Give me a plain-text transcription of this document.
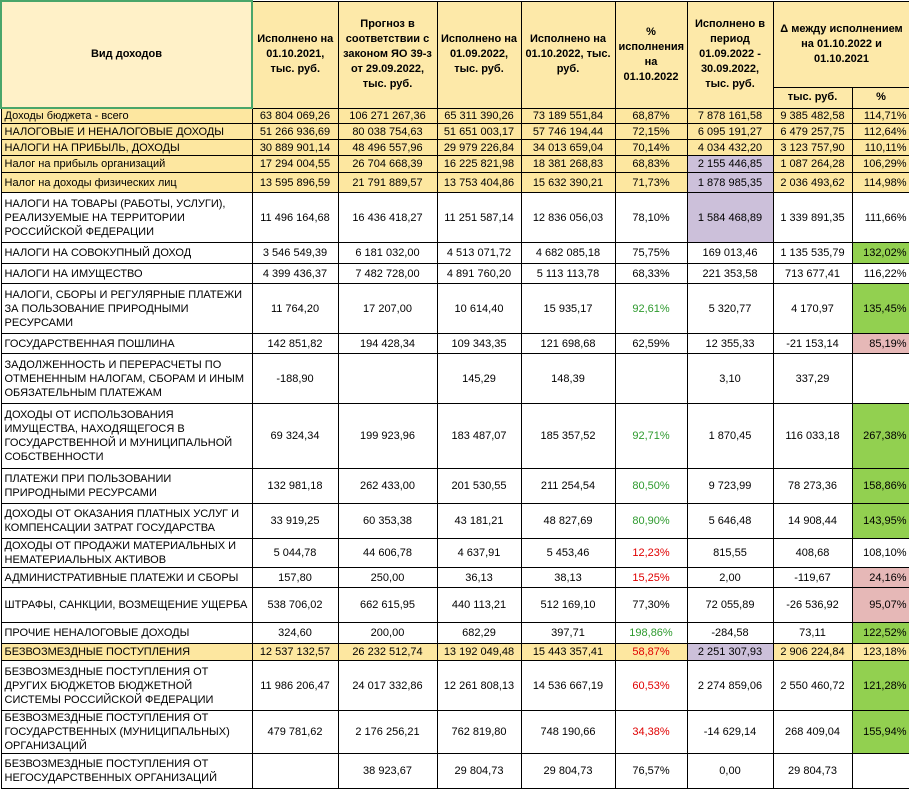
Вид доходов	Исполнено на 01.10.2021, тыс. руб.	Прогноз в соответствии с законом ЯО 39-з от 29.09.2022, тыс. руб.	Исполнено на 01.09.2022, тыс. руб.	Исполнено на 01.10.2022, тыс. руб.	% исполнения на 01.10.2022	Исполнено в период 01.09.2022 - 30.09.2022, тыс. руб.	Δ между исполнением на 01.10.2022 и 01.10.2021	
							тыс. руб.	%
Доходы бюджета - всего	63 804 069,26	106 271 267,36	65 311 390,26	73 189 551,84	68,87%	7 878 161,58	9 385 482,58	114,71%
НАЛОГОВЫЕ И НЕНАЛОГОВЫЕ ДОХОДЫ	51 266 936,69	80 038 754,63	51 651 003,17	57 746 194,44	72,15%	6 095 191,27	6 479 257,75	112,64%
НАЛОГИ НА ПРИБЫЛЬ, ДОХОДЫ	30 889 901,14	48 496 557,96	29 979 226,84	34 013 659,04	70,14%	4 034 432,20	3 123 757,90	110,11%
Налог на прибыль организаций	17 294 004,55	26 704 668,39	16 225 821,98	18 381 268,83	68,83%	2 155 446,85	1 087 264,28	106,29%
Налог на доходы физических лиц	13 595 896,59	21 791 889,57	13 753 404,86	15 632 390,21	71,73%	1 878 985,35	2 036 493,62	114,98%
НАЛОГИ НА ТОВАРЫ (РАБОТЫ, УСЛУГИ), РЕАЛИЗУЕМЫЕ НА ТЕРРИТОРИИ РОССИЙСКОЙ ФЕДЕРАЦИИ	11 496 164,68	16 436 418,27	11 251 587,14	12 836 056,03	78,10%	1 584 468,89	1 339 891,35	111,66%
НАЛОГИ НА СОВОКУПНЫЙ ДОХОД	3 546 549,39	6 181 032,00	4 513 071,72	4 682 085,18	75,75%	169 013,46	1 135 535,79	132,02%
НАЛОГИ НА ИМУЩЕСТВО	4 399 436,37	7 482 728,00	4 891 760,20	5 113 113,78	68,33%	221 353,58	713 677,41	116,22%
НАЛОГИ, СБОРЫ И РЕГУЛЯРНЫЕ ПЛАТЕЖИ ЗА ПОЛЬЗОВАНИЕ ПРИРОДНЫМИ РЕСУРСАМИ	11 764,20	17 207,00	10 614,40	15 935,17	92,61%	5 320,77	4 170,97	135,45%
ГОСУДАРСТВЕННАЯ ПОШЛИНА	142 851,82	194 428,34	109 343,35	121 698,68	62,59%	12 355,33	-21 153,14	85,19%
ЗАДОЛЖЕННОСТЬ И ПЕРЕРАСЧЕТЫ ПО ОТМЕНЕННЫМ НАЛОГАМ, СБОРАМ И ИНЫМ ОБЯЗАТЕЛЬНЫМ ПЛАТЕЖАМ	-188,90		145,29	148,39		3,10	337,29	
ДОХОДЫ ОТ ИСПОЛЬЗОВАНИЯ ИМУЩЕСТВА, НАХОДЯЩЕГОСЯ В ГОСУДАРСТВЕННОЙ И МУНИЦИПАЛЬНОЙ СОБСТВЕННОСТИ	69 324,34	199 923,96	183 487,07	185 357,52	92,71%	1 870,45	116 033,18	267,38%
ПЛАТЕЖИ ПРИ ПОЛЬЗОВАНИИ ПРИРОДНЫМИ РЕСУРСАМИ	132 981,18	262 433,00	201 530,55	211 254,54	80,50%	9 723,99	78 273,36	158,86%
ДОХОДЫ ОТ ОКАЗАНИЯ ПЛАТНЫХ УСЛУГ И КОМПЕНСАЦИИ ЗАТРАТ ГОСУДАРСТВА	33 919,25	60 353,38	43 181,21	48 827,69	80,90%	5 646,48	14 908,44	143,95%
ДОХОДЫ ОТ ПРОДАЖИ МАТЕРИАЛЬНЫХ И НЕМАТЕРИАЛЬНЫХ АКТИВОВ	5 044,78	44 606,78	4 637,91	5 453,46	12,23%	815,55	408,68	108,10%
АДМИНИСТРАТИВНЫЕ ПЛАТЕЖИ И СБОРЫ	157,80	250,00	36,13	38,13	15,25%	2,00	-119,67	24,16%
ШТРАФЫ, САНКЦИИ, ВОЗМЕЩЕНИЕ УЩЕРБА	538 706,02	662 615,95	440 113,21	512 169,10	77,30%	72 055,89	-26 536,92	95,07%
ПРОЧИЕ НЕНАЛОГОВЫЕ ДОХОДЫ	324,60	200,00	682,29	397,71	198,86%	-284,58	73,11	122,52%
БЕЗВОЗМЕЗДНЫЕ ПОСТУПЛЕНИЯ	12 537 132,57	26 232 512,74	13 192 049,48	15 443 357,41	58,87%	2 251 307,93	2 906 224,84	123,18%
БЕЗВОЗМЕЗДНЫЕ ПОСТУПЛЕНИЯ ОТ ДРУГИХ БЮДЖЕТОВ БЮДЖЕТНОЙ СИСТЕМЫ РОССИЙСКОЙ ФЕДЕРАЦИИ	11 986 206,47	24 017 332,86	12 261 808,13	14 536 667,19	60,53%	2 274 859,06	2 550 460,72	121,28%
БЕЗВОЗМЕЗДНЫЕ ПОСТУПЛЕНИЯ ОТ ГОСУДАРСТВЕННЫХ (МУНИЦИПАЛЬНЫХ) ОРГАНИЗАЦИЙ	479 781,62	2 176 256,21	762 819,80	748 190,66	34,38%	-14 629,14	268 409,04	155,94%
БЕЗВОЗМЕЗДНЫЕ ПОСТУПЛЕНИЯ ОТ НЕГОСУДАРСТВЕННЫХ ОРГАНИЗАЦИЙ		38 923,67	29 804,73	29 804,73	76,57%	0,00	29 804,73	
